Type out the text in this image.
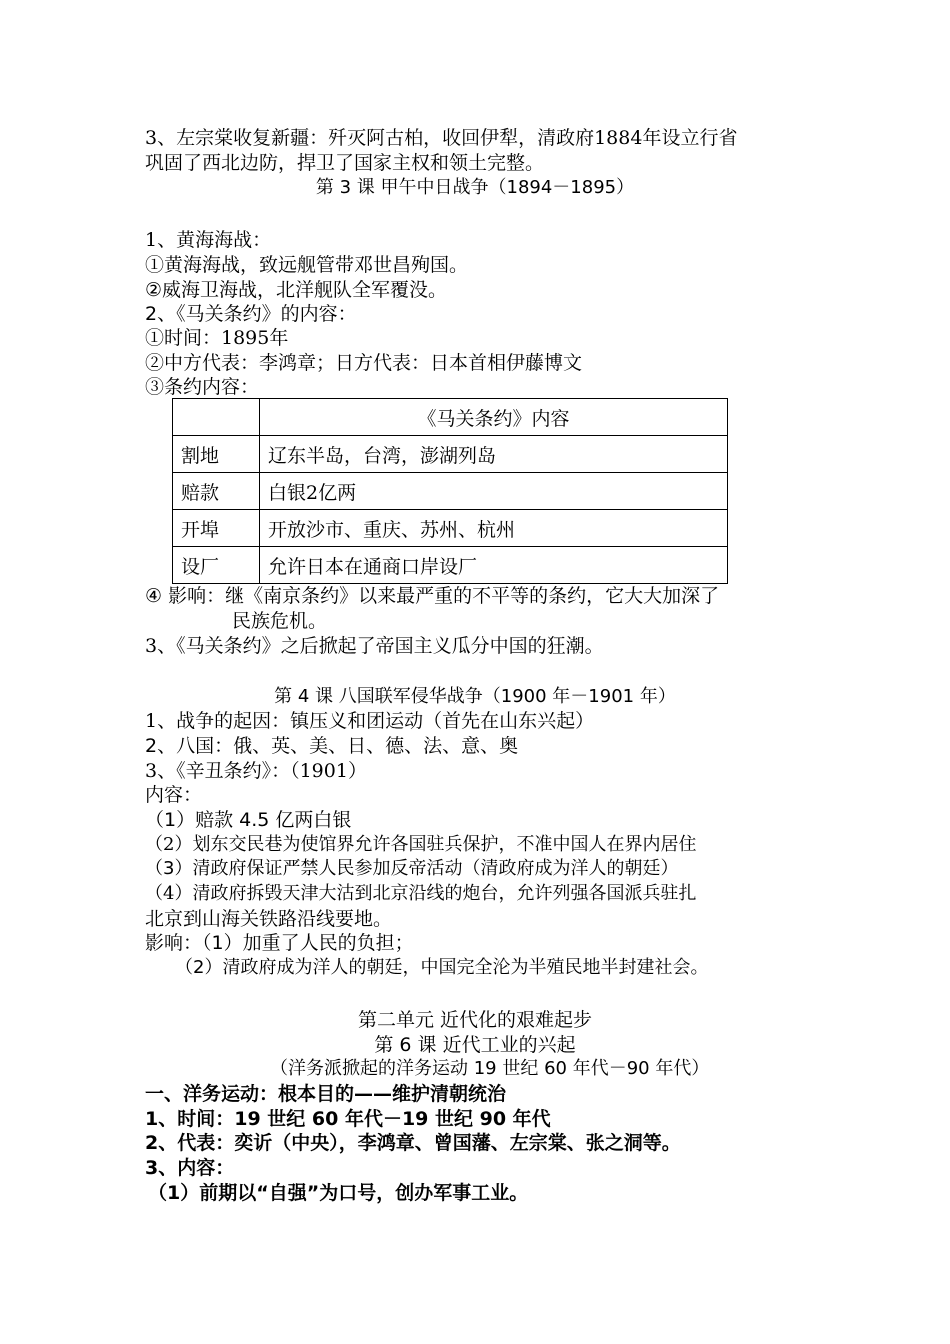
3、左宗棠收复新疆：歼灭阿古柏，收回伊犁，清政府1884年设立行省
巩固了西北边防，捍卫了国家主权和领土完整。
第 3 课 甲午中日战争（1894－1895）
1、黄海海战：
①黄海海战，致远舰管带邓世昌殉国。
②威海卫海战，北洋舰队全军覆没。
2、《马关条约》的内容：
①时间：1895年
②中方代表：李鸿章；日方代表：日本首相伊藤博文
③条约内容：
	《马关条约》内容
割地	辽东半岛，台湾，澎湖列岛
赔款	白银2亿两
开埠	开放沙市、重庆、苏州、杭州
设厂	允许日本在通商口岸设厂
④ 影响：继《南京条约》以来最严重的不平等的条约，它大大加深了
民族危机。
3、《马关条约》之后掀起了帝国主义瓜分中国的狂潮。
第 4 课 八国联军侵华战争（1900 年－1901 年）
1、战争的起因：镇压义和团运动（首先在山东兴起）
2、八国：俄、英、美、日、德、法、意、奥
3、《辛丑条约》：（1901）
内容：
（1）赔款 4.5 亿两白银
（2）划东交民巷为使馆界允许各国驻兵保护，不准中国人在界内居住
（3）清政府保证严禁人民参加反帝活动（清政府成为洋人的朝廷）
（4）清政府拆毁天津大沽到北京沿线的炮台，允许列强各国派兵驻扎
北京到山海关铁路沿线要地。
影响：（1）加重了人民的负担；
（2）清政府成为洋人的朝廷，中国完全沦为半殖民地半封建社会。
第二单元 近代化的艰难起步
第 6 课 近代工业的兴起
（洋务派掀起的洋务运动 19 世纪 60 年代－90 年代）
一、洋务运动：根本目的——维护清朝统治
1、时间：19 世纪 60 年代－19 世纪 90 年代
2、代表：奕䜣（中央），李鸿章、曾国藩、左宗棠、张之洞等。
3、内容：
（1）前期以“自强”为口号，创办军事工业。
